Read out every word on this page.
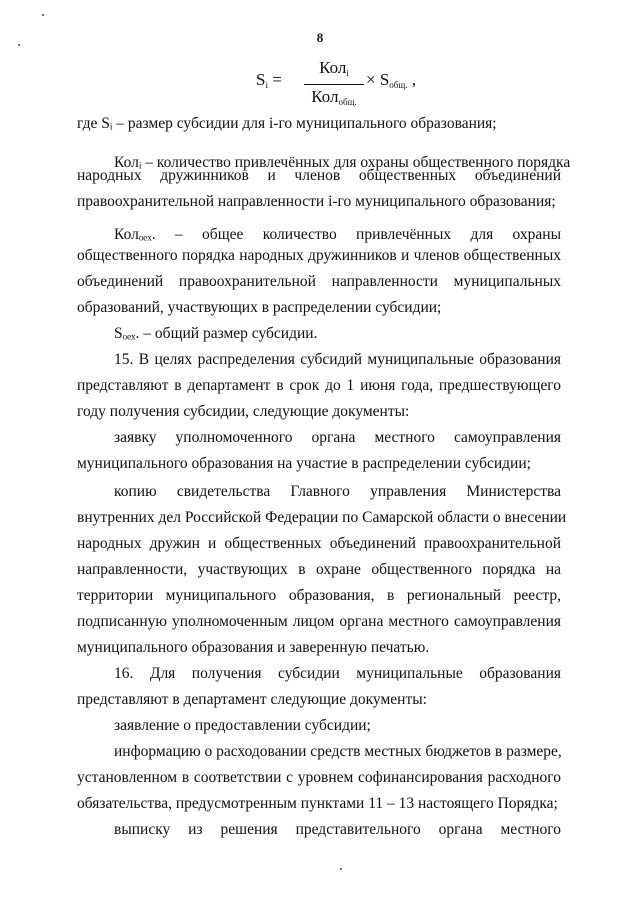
8
$S_i$ =
Кол$_i$
Кол$_{общ.}$
× $S_{общ.}$ ,
где Sᵢ – размер субсидии для i-го муниципального образования;
Колᵢ – количество привлечённых для охраны общественного порядка
народных дружинников и членов общественных объединений
правоохранительной направленности i-го муниципального образования;
Колₒₑₓ. – общее количество привлечённых для охраны
общественного порядка народных дружинников и членов общественных
объединений правоохранительной направленности муниципальных
образований, участвующих в распределении субсидии;
Sₒₑₓ. – общий размер субсидии.
15. В целях распределения субсидий муниципальные образования
представляют в департамент в срок до 1 июня года, предшествующего
году получения субсидии, следующие документы:
заявку уполномоченного органа местного самоуправления
муниципального образования на участие в распределении субсидии;
копию свидетельства Главного управления Министерства
внутренних дел Российской Федерации по Самарской области о внесении
народных дружин и общественных объединений правоохранительной
направленности, участвующих в охране общественного порядка на
территории муниципального образования, в региональный реестр,
подписанную уполномоченным лицом органа местного самоуправления
муниципального образования и заверенную печатью.
16. Для получения субсидии муниципальные образования
представляют в департамент следующие документы:
заявление о предоставлении субсидии;
информацию о расходовании средств местных бюджетов в размере,
установленном в соответствии с уровнем софинансирования расходного
обязательства, предусмотренным пунктами 11 – 13 настоящего Порядка;
выписку из решения представительного органа местного
